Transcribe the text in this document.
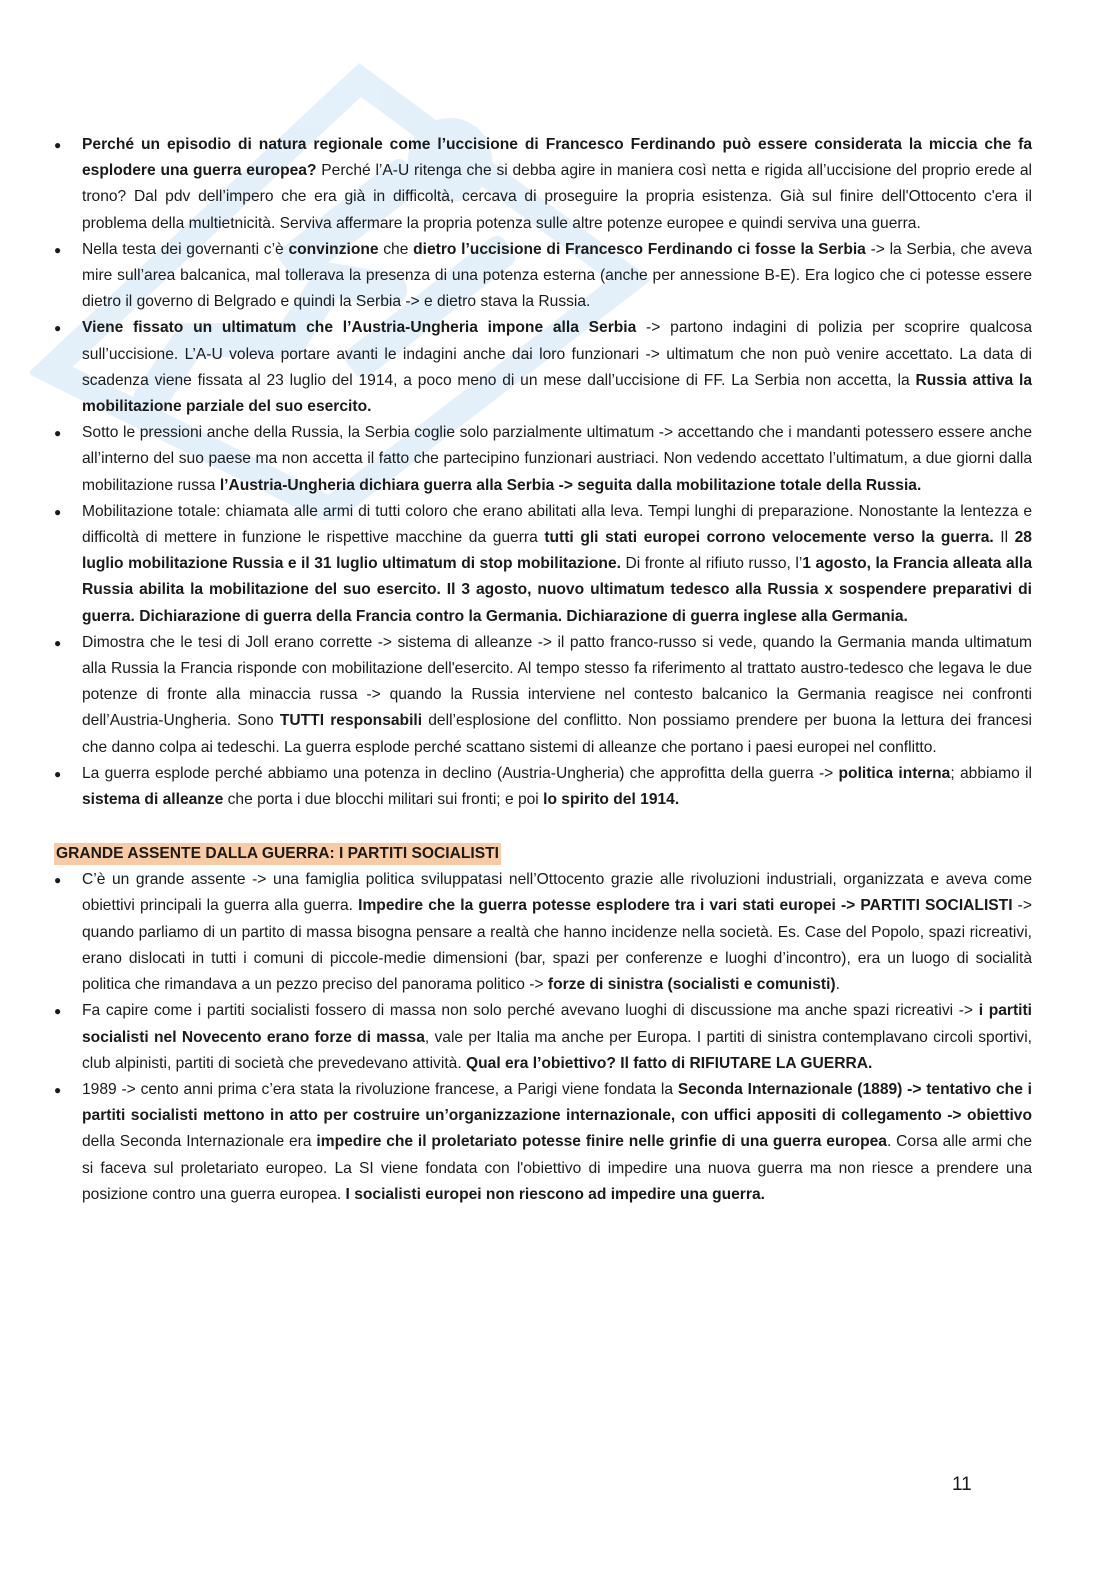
● Perché un episodio di natura regionale come l’uccisione di Francesco Ferdinando può essere considerata la miccia che fa esplodere una guerra europea? Perché l’A-U ritenga che si debba agire in maniera così netta e rigida all’uccisione del proprio erede al trono? Dal pdv dell’impero che era già in difficoltà, cercava di proseguire la propria esistenza. Già sul finire dell'Ottocento c'era il problema della multietnicità. Serviva affermare la propria potenza sulle altre potenze europee e quindi serviva una guerra.
● Nella testa dei governanti c’è convinzione che dietro l’uccisione di Francesco Ferdinando ci fosse la Serbia -> la Serbia, che aveva mire sull’area balcanica, mal tollerava la presenza di una potenza esterna (anche per annessione B-E). Era logico che ci potesse essere dietro il governo di Belgrado e quindi la Serbia -> e dietro stava la Russia.
● Viene fissato un ultimatum che l’Austria-Ungheria impone alla Serbia -> partono indagini di polizia per scoprire qualcosa sull’uccisione. L’A-U voleva portare avanti le indagini anche dai loro funzionari -> ultimatum che non può venire accettato. La data di scadenza viene fissata al 23 luglio del 1914, a poco meno di un mese dall’uccisione di FF. La Serbia non accetta, la Russia attiva la mobilitazione parziale del suo esercito.
● Sotto le pressioni anche della Russia, la Serbia coglie solo parzialmente ultimatum -> accettando che i mandanti potessero essere anche all’interno del suo paese ma non accetta il fatto che partecipino funzionari austriaci. Non vedendo accettato l’ultimatum, a due giorni dalla mobilitazione russa l’Austria-Ungheria dichiara guerra alla Serbia -> seguita dalla mobilitazione totale della Russia.
● Mobilitazione totale: chiamata alle armi di tutti coloro che erano abilitati alla leva. Tempi lunghi di preparazione. Nonostante la lentezza e difficoltà di mettere in funzione le rispettive macchine da guerra tutti gli stati europei corrono velocemente verso la guerra. Il 28 luglio mobilitazione Russia e il 31 luglio ultimatum di stop mobilitazione. Di fronte al rifiuto russo, l’1 agosto, la Francia alleata alla Russia abilita la mobilitazione del suo esercito. Il 3 agosto, nuovo ultimatum tedesco alla Russia x sospendere preparativi di guerra. Dichiarazione di guerra della Francia contro la Germania. Dichiarazione di guerra inglese alla Germania.
● Dimostra che le tesi di Joll erano corrette -> sistema di alleanze -> il patto franco-russo si vede, quando la Germania manda ultimatum alla Russia la Francia risponde con mobilitazione dell'esercito. Al tempo stesso fa riferimento al trattato austro-tedesco che legava le due potenze di fronte alla minaccia russa -> quando la Russia interviene nel contesto balcanico la Germania reagisce nei confronti dell’Austria-Ungheria. Sono TUTTI responsabili dell’esplosione del conflitto. Non possiamo prendere per buona la lettura dei francesi che danno colpa ai tedeschi. La guerra esplode perché scattano sistemi di alleanze che portano i paesi europei nel conflitto.
● La guerra esplode perché abbiamo una potenza in declino (Austria-Ungheria) che approfitta della guerra -> politica interna; abbiamo il sistema di alleanze che porta i due blocchi militari sui fronti; e poi lo spirito del 1914.
GRANDE ASSENTE DALLA GUERRA: I PARTITI SOCIALISTI
● C’è un grande assente -> una famiglia politica sviluppatasi nell’Ottocento grazie alle rivoluzioni industriali, organizzata e aveva come obiettivi principali la guerra alla guerra. Impedire che la guerra potesse esplodere tra i vari stati europei -> PARTITI SOCIALISTI -> quando parliamo di un partito di massa bisogna pensare a realtà che hanno incidenze nella società. Es. Case del Popolo, spazi ricreativi, erano dislocati in tutti i comuni di piccole-medie dimensioni (bar, spazi per conferenze e luoghi d’incontro), era un luogo di socialità politica che rimandava a un pezzo preciso del panorama politico -> forze di sinistra (socialisti e comunisti).
● Fa capire come i partiti socialisti fossero di massa non solo perché avevano luoghi di discussione ma anche spazi ricreativi -> i partiti socialisti nel Novecento erano forze di massa, vale per Italia ma anche per Europa. I partiti di sinistra contemplavano circoli sportivi, club alpinisti, partiti di società che prevedevano attività. Qual era l’obiettivo? Il fatto di RIFIUTARE LA GUERRA.
● 1989 -> cento anni prima c’era stata la rivoluzione francese, a Parigi viene fondata la Seconda Internazionale (1889) -> tentativo che i partiti socialisti mettono in atto per costruire un’organizzazione internazionale, con uffici appositi di collegamento -> obiettivo della Seconda Internazionale era impedire che il proletariato potesse finire nelle grinfie di una guerra europea. Corsa alle armi che si faceva sul proletariato europeo. La SI viene fondata con l'obiettivo di impedire una nuova guerra ma non riesce a prendere una posizione contro una guerra europea. I socialisti europei non riescono ad impedire una guerra.
11
